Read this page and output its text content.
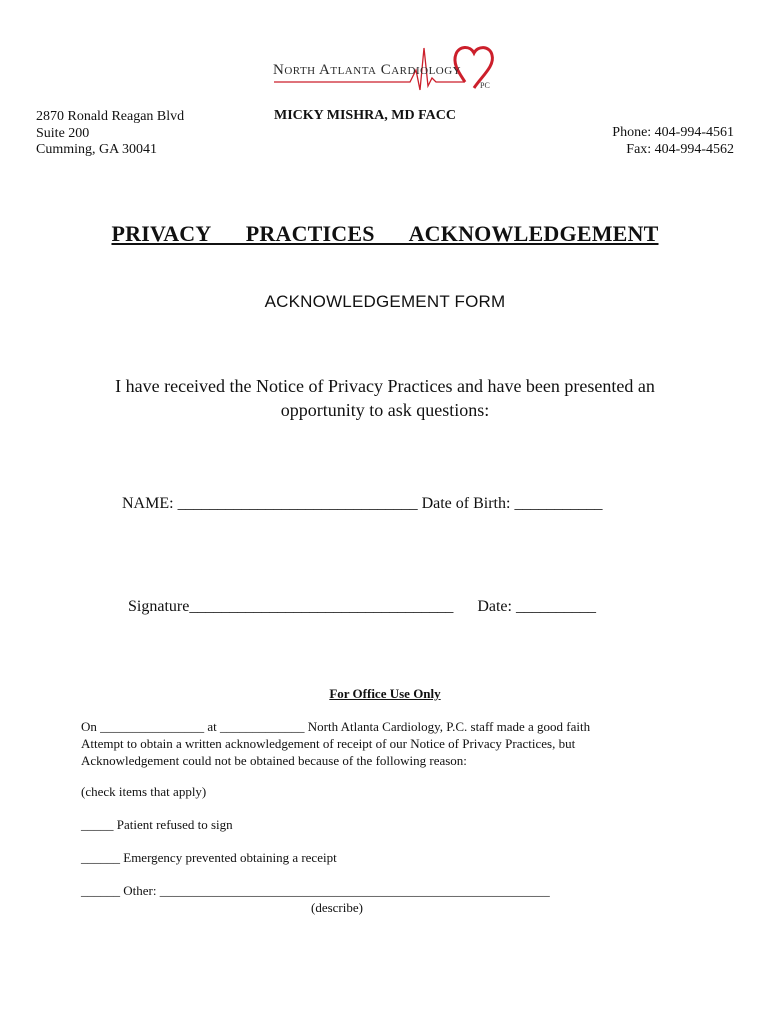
North Atlanta Cardiology
PC
2870 Ronald Reagan Blvd
Suite 200
Cumming, GA 30041
MICKY MISHRA, MD FACC
Phone: 404-994-4561
Fax: 404-994-4562
PRIVACY   PRACTICES   ACKNOWLEDGEMENT
ACKNOWLEDGEMENT FORM
I have received the Notice of Privacy Practices and have been presented an opportunity to ask questions:
NAME: ______________________________ Date of Birth: ___________
Signature_________________________________ Date: __________
For Office Use Only
On ________________ at _____________ North Atlanta Cardiology, P.C. staff made a good faith
Attempt to obtain a written acknowledgement of receipt of our Notice of Privacy Practices, but
Acknowledgement could not be obtained because of the following reason:
(check items that apply)
_____ Patient refused to sign
______ Emergency prevented obtaining a receipt
______ Other: ____________________________________________________________
(describe)
